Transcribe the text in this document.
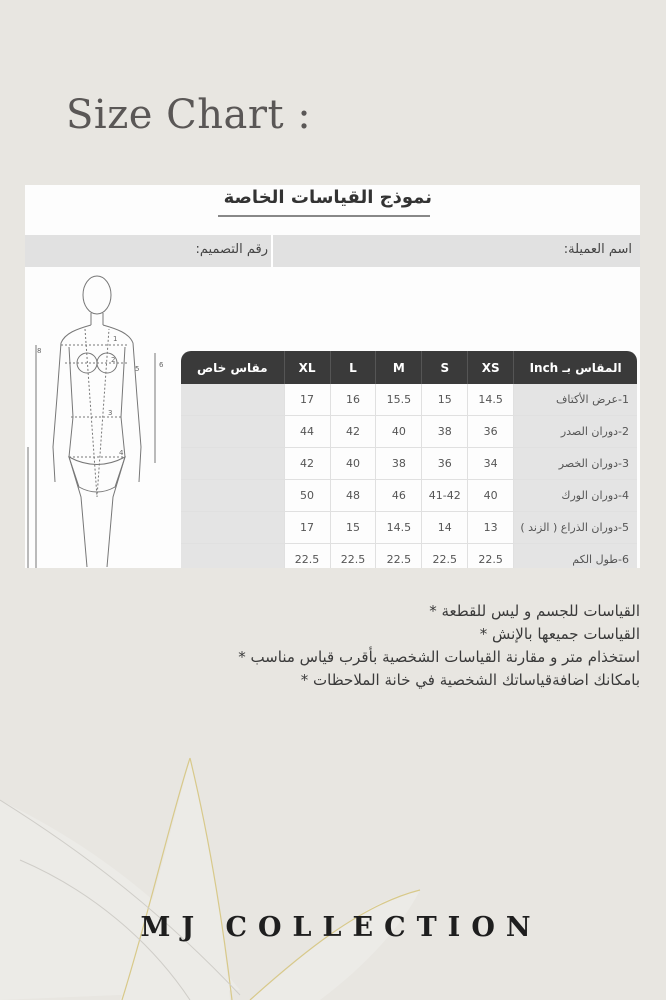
Size Chart :
نموذج القياسات الخاصة
اسم العميلة:
رقم التصميم:
1
2
3
4
5	6
8
المقاس بـ Inch	XS	S	M	L	XL	مقاس خاص
1-عرض الأكتاف	14.5	15	15.5	16	17	
2-دوران الصدر	36	38	40	42	44	
3-دوران الخصر	34	36	38	40	42	
4-دوران الورك	40	41-42	46	48	50	
5-دوران الذراع ( الزند )	13	14	14.5	15	17	
6-طول الكم	22.5	22.5	22.5	22.5	22.5	
القياسات للجسم و ليس للقطعة *
القياسات جميعها بالإنش *
استخذام متر و مقارنة القياسات الشخصية بأقرب قياس مناسب *
بامكانك اضافةقياساتك الشخصية في خانة الملاحظات *
MJ COLLECTION
